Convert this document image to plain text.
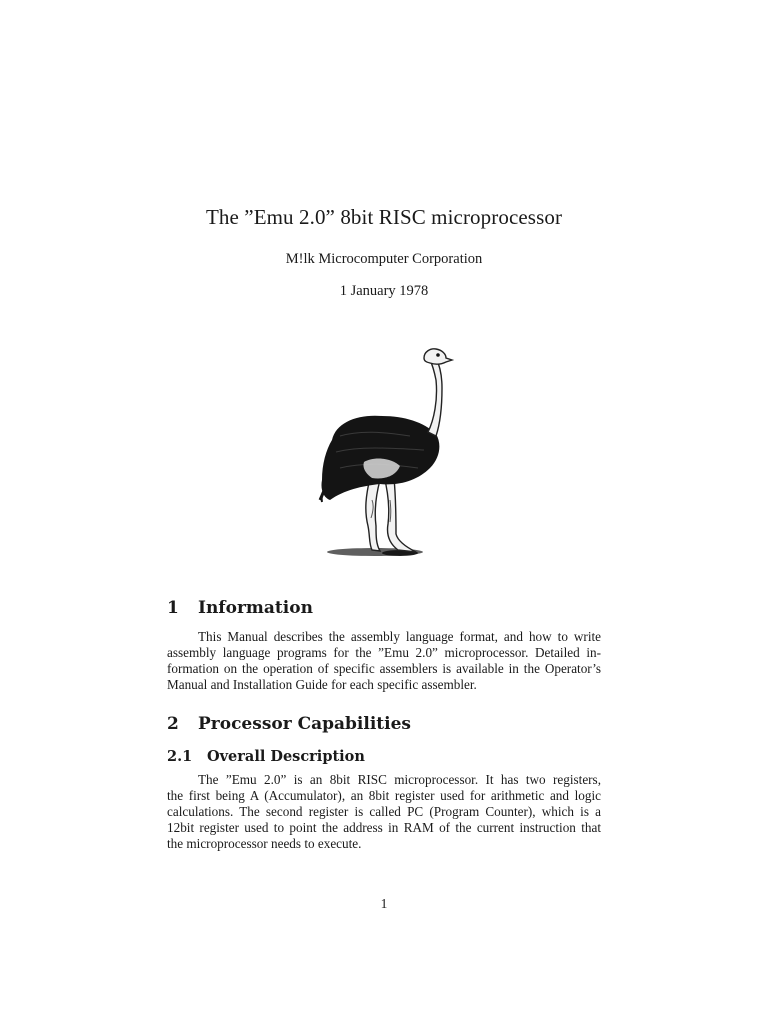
The ”Emu 2.0” 8bit RISC microprocessor
M!lk Microcomputer Corporation
1 January 1978
1 Information
This Manual describes the assembly language format, and how to write
assembly language programs for the ”Emu 2.0” microprocessor. Detailed in-
formation on the operation of specific assemblers is available in the Operator’s
Manual and Installation Guide for each specific assembler.
2 Processor Capabilities
2.1 Overall Description
The ”Emu 2.0” is an 8bit RISC microprocessor. It has two registers,
the first being A (Accumulator), an 8bit register used for arithmetic and logic
calculations. The second register is called PC (Program Counter), which is a
12bit register used to point the address in RAM of the current instruction that
the microprocessor needs to execute.
1
